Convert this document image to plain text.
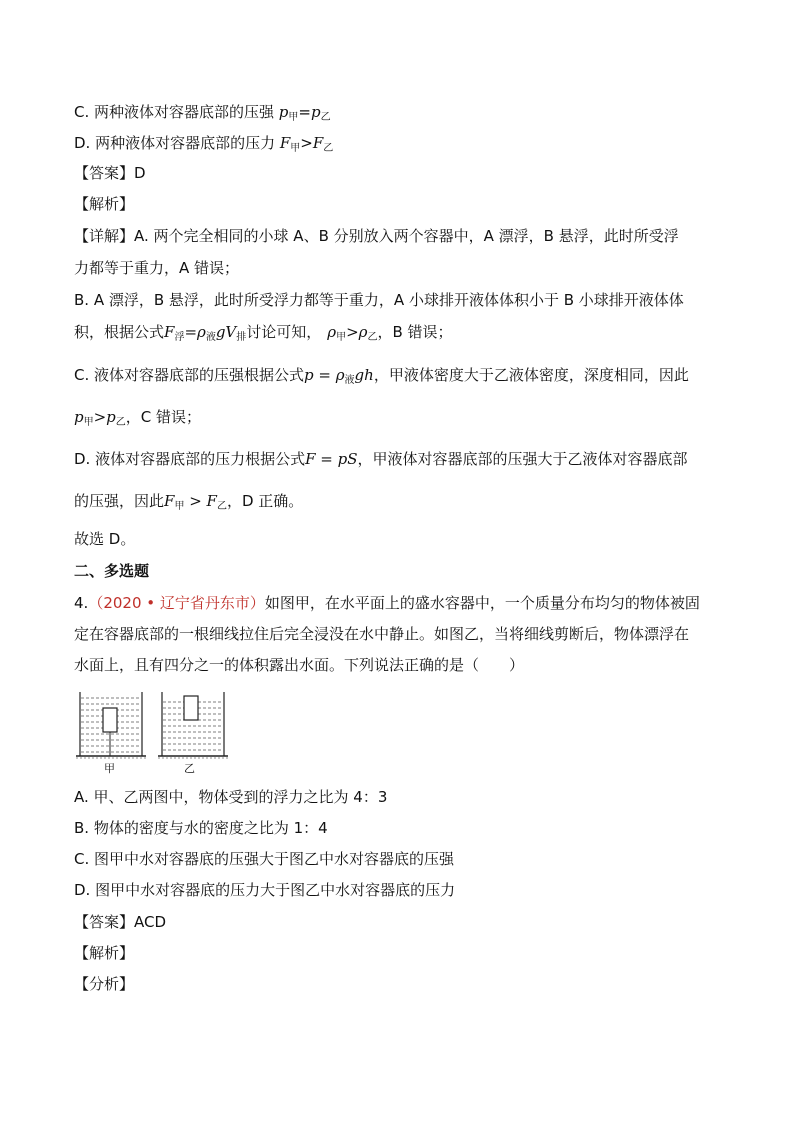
C. 两种液体对容器底部的压强 $p_甲=p_乙$
D. 两种液体对容器底部的压力 $F_甲>F_乙$
【答案】D
【解析】
【详解】A. 两个完全相同的小球 A、B 分别放入两个容器中，A 漂浮，B 悬浮，此时所受浮
力都等于重力，A 错误；
B. A 漂浮，B 悬浮，此时所受浮力都等于重力，A 小球排开液体体积小于 B 小球排开液体体
积，根据公式$F_浮=\rho_液gV_排$讨论可知， $\rho_甲>\rho_乙$，B 错误；
C. 液体对容器底部的压强根据公式$p = \rho_液gh$，甲液体密度大于乙液体密度，深度相同，因此
$p_甲>p_乙$，C 错误；
D. 液体对容器底部的压力根据公式F = pS，甲液体对容器底部的压强大于乙液体对容器底部
的压强，因此$F_甲 > F_乙$，D 正确。
故选 D。
二、多选题
4.（2020 • 辽宁省丹东市）如图甲，在水平面上的盛水容器中，一个质量分布均匀的物体被固
定在容器底部的一根细线拉住后完全浸没在水中静止。如图乙，当将细线剪断后，物体漂浮在
水面上，且有四分之一的体积露出水面。下列说法正确的是（　　）
甲	乙
A. 甲、乙两图中，物体受到的浮力之比为 4：3
B. 物体的密度与水的密度之比为 1：4
C. 图甲中水对容器底的压强大于图乙中水对容器底的压强
D. 图甲中水对容器底的压力大于图乙中水对容器底的压力
【答案】ACD
【解析】
【分析】
